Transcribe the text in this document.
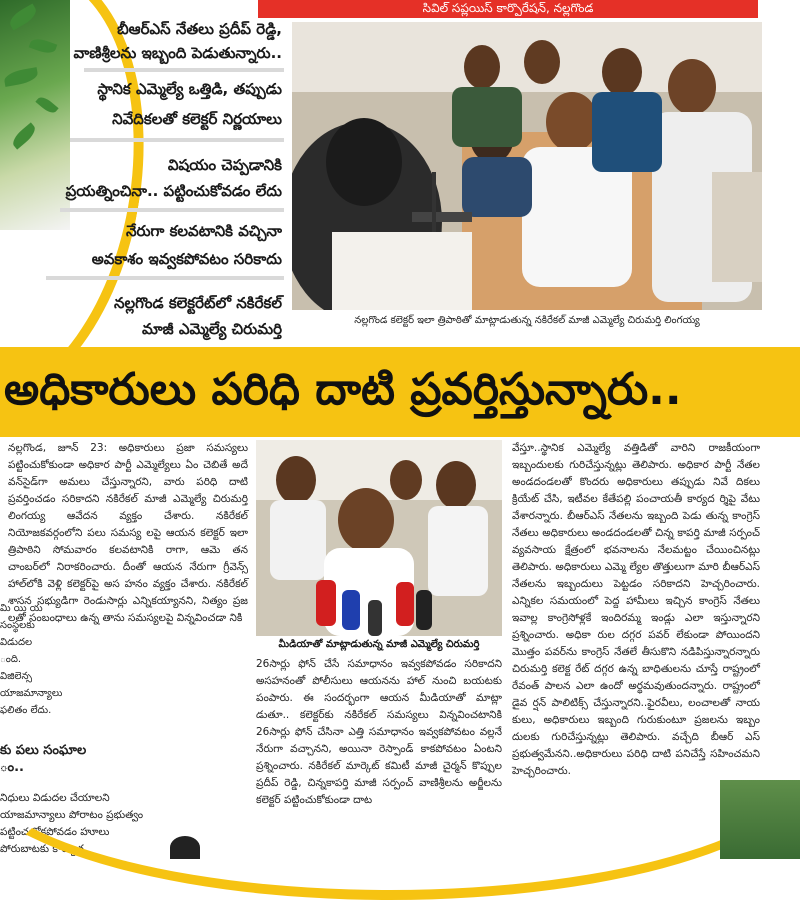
సివిల్ సప్లయిస్ కార్పొరేషన్, నల్లగొండ
బీఆర్ఎస్ నేతలు ప్రదీప్ రెడ్డి,
వాణిశ్రీలను ఇబ్బంది పెడుతున్నారు..
స్థానిక ఎమ్మెల్యే ఒత్తిడి, తప్పుడు
నివేదికలతో కలెక్టర్ నిర్ణయాలు
విషయం చెప్పడానికి
ప్రయత్నించినా.. పట్టించుకోవడం లేదు
నేరుగా కలవటానికి వచ్చినా
అవకాశం ఇవ్వకపోవటం సరికాదు
నల్లగొండ కలెక్టరేట్‌లో నకిరేకల్
మాజీ ఎమ్మెల్యే చిరుమర్తి	నల్లగొండ కలెక్టర్ ఇలా త్రిపాఠితో మాట్లాడుతున్న నకిరేకల్ మాజీ ఎమ్మెల్యే చిరుమర్తి లింగయ్య
అధికారులు పరిధి దాటి ప్రవర్తిస్తున్నారు..

నల్లగొండ, జూన్ 23: అధికారులు ప్రజా సమస్యలు పట్టించుకోకుండా అధికార పార్టీ ఎమ్మెల్యేలు ఏం చెబితే అదే వన్‌సైడ్‌గా అమలు చేస్తున్నారని, వారు పరిధి దాటి ప్రవర్తించడం సరికాదని నకిరేకల్ మాజీ ఎమ్మెల్యే చిరుమర్తి లింగయ్య ఆవేదన వ్యక్తం చేశారు. నకిరేకల్ నియోజకవర్గంలోని పలు సమస్య లపై ఆయన కలెక్టర్ ఇలా త్రిపాఠిని సోమవారం కలవటానికి రాగా, ఆమె తన చాంబర్‌లో నిరాకరించారు. దీంతో ఆయన నేరుగా గ్రీవెన్స్ హాల్‌లోకి వెళ్లి కలెక్టర్‌పై అస హనం వ్యక్తం చేశారు. నకిరేకల్ శాసన సభ్యుడిగా రెండుసార్లు ఎన్నికయ్యానని, నిత్యం ప్రజ లతో సంబంధాలు ఉన్న తాను సమస్యలపై విన్నవించడా నికి

మి యి య సంస్థలకు విడుదల ంది. విజిలెన్స యాజమాన్యాలు ఫలితం లేదు.

కు పలు సంఘాల
ం..

నిధులు విడుదల చేయాలని యాజమాన్యాలు పోరాటం ప్రభుత్వం పట్టించుకోకపోవడం హూలు పోరుబాటకు కార్యాచ

మీడియాతో మాట్లాడుతున్న మాజీ ఎమ్మెల్యే చిరుమర్తి

26సార్లు ఫోన్ చేసే సమాధానం ఇవ్వకపోవడం సరికాదని అసహనంతో పోలీసులు ఆయనను హాల్ నుంచి బయటకు పంపారు. ఈ సందర్భంగా ఆయన మీడియాతో మాట్లా డుతూ.. కలెక్టర్‌కు నకిరేకల్ సమస్యలు విన్నవించటానికి 26సార్లు ఫోన్ చేసినా ఎత్తి సమాధానం ఇవ్వకపోవటం వల్లనే నేరుగా వచ్చానని, అయినా రెస్పాండ్ కాకపోవటం ఏంటని ప్రశ్నించారు. నకిరేకల్ మార్కెట్ కమిటీ మాజీ చైర్మన్ కొప్పుల ప్రదీప్ రెడ్డి, చిన్నకాపర్తి మాజీ సర్పంచ్ వాణిశ్రీలను అర్జీలను కలెక్టర్ పట్టించుకోకుండా దాట

వేస్తూ..స్థానిక ఎమ్మెల్యే వత్తిడితో వారిని రాజకీయంగా ఇబ్బందులకు గురిచేస్తున్నట్లు తెలిపారు. అధికార పార్టీ నేతల అండదండలతో కొందరు అధికారులు తప్పుడు నివే దికలు క్రియేట్ చేసి, ఇటీవల కేతేపల్లి పంచాయతీ కార్యద ర్శిపై వేటు వేశారన్నారు. బీఆర్ఎస్ నేతలను ఇబ్బంది పెడు తున్న కాంగ్రెస్ నేతలు అధికారులు అండదండలతో చిన్న కాపర్తి మాజీ సర్పంచ్ వ్యవసాయ క్షేత్రంలో భవనాలను నేలమట్టం చేయించినట్లు తెలిపారు. అధికారులు ఎమ్మె ల్యేల తొత్తులుగా మారి బీఆర్ఎస్ నేతలను ఇబ్బందులు పెట్టడం సరికాదని హెచ్చరించారు. ఎన్నికల సమయంలో పెద్ద హామీలు ఇచ్చిన కాంగ్రెస్ నేతలు ఇవాల్ల కాంగ్రెసోళ్లకే ఇందిరమ్మ ఇండ్లు ఎలా ఇస్తున్నారని ప్రశ్నించారు. అధికా రుల దగ్గర పవర్ లేకుండా పోయిందని మొత్తం పవర్‌ను కాంగ్రెస్ నేతలే తీసుకొని నడిపిస్తున్నారన్నారు చిరుమర్తి కలెక్ట రేట్ దగ్గర ఉన్న బాధితులను చూస్తే రాష్ట్రంలో రేవంత్ పాలన ఎలా ఉందో అర్థమవుతుందన్నారు. రాష్ట్రంలో డైవ ర్షన్ పాలిటిక్స్ చేస్తున్నారని..ఫైరవీలు, లంచాలతో నాయ కులు, అధికారులు ఇబ్బంది గురుకుంటూ ప్రజలను ఇబ్బం దులకు గురిచేస్తున్నట్లు తెలిపారు. వచ్చేది బీఆర్ ఎస్ ప్రభుత్వమేనని..అధికారులు పరిధి దాటి పనిచేస్తే సహించమని హెచ్చరించారు.
